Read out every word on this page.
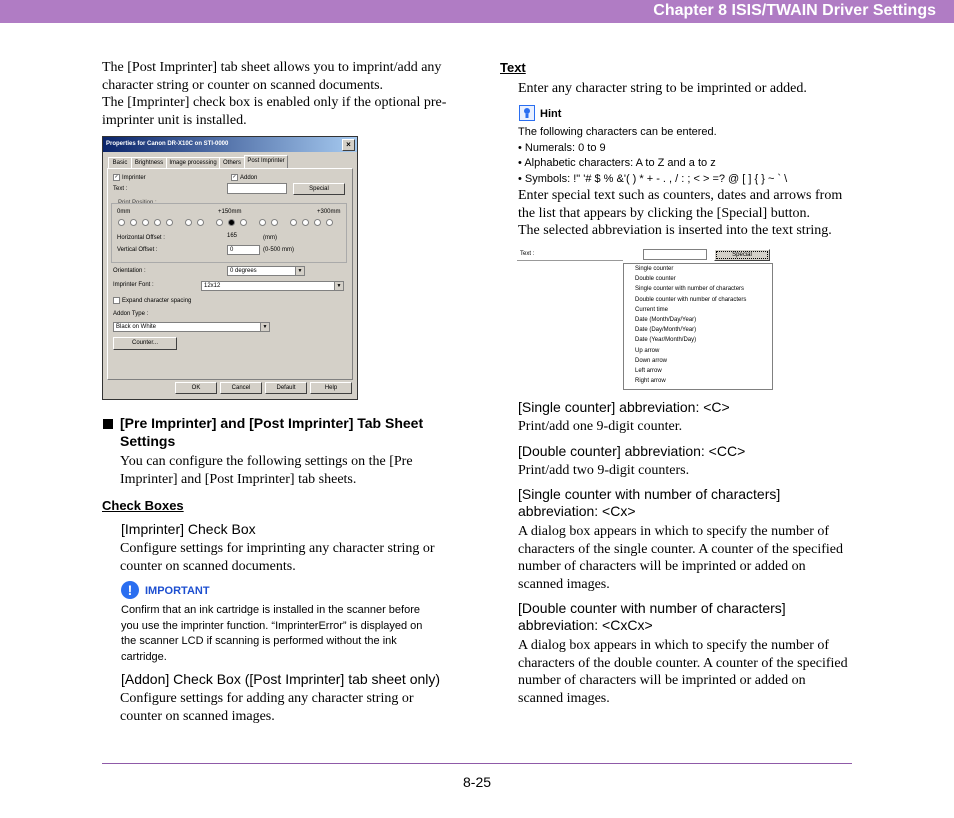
Chapter 8 ISIS/TWAIN Driver Settings
The [Post Imprinter] tab sheet allows you to imprint/add any
character string or counter on scanned documents.
The [Imprinter] check box is enabled only if the optional pre-
imprinter unit is installed.
Properties for Canon DR-X10C on STI-0000	×
Basic	Brightness	Image processing	Others	Post Imprinter
✓ Imprinter	✓ Addon
Text :	Special
Print Position :
0mm	+150mm	+300mm
Horizontal Offset :	165	(mm)
Vertical Offset :	0	(0-500 mm)
Orientation :	0 degrees	▼
Imprinter Font :	12x12	▼
Expand character spacing
Addon Type :
Black on White	▼
Counter...
OK	Cancel	Default	Help
[Pre Imprinter] and [Post Imprinter] Tab Sheet
Settings
You can configure the following settings on the [Pre
Imprinter] and [Post Imprinter] tab sheets.
Check Boxes
[Imprinter] Check Box
Configure settings for imprinting any character string or
counter on scanned documents.
!	IMPORTANT
Confirm that an ink cartridge is installed in the scanner before
you use the imprinter function. “ImprinterError” is displayed on
the scanner LCD if scanning is performed without the ink
cartridge.
[Addon] Check Box ([Post Imprinter] tab sheet only)
Configure settings for adding any character string or
counter on scanned images.
Text
Enter any character string to be imprinted or added.
Hint
The following characters can be entered.
• Numerals: 0 to 9
• Alphabetic characters: A to Z and a to z
• Symbols: !" '# $ % &'( ) * + - . , / : ; < > =? @ [ ] { } ~ ` \
Enter special text such as counters, dates and arrows from
the list that appears by clicking the [Special] button.
The selected abbreviation is inserted into the text string.
Text :	Special
Single counter
Double counter
Single counter with number of characters
Double counter with number of characters
Current time
Date (Month/Day/Year)
Date (Day/Month/Year)
Date (Year/Month/Day)
Up arrow
Down arrow
Left arrow
Right arrow
[Single counter] abbreviation: <C>
Print/add one 9-digit counter.
[Double counter] abbreviation: <CC>
Print/add two 9-digit counters.
[Single counter with number of characters]
abbreviation: <Cx>
A dialog box appears in which to specify the number of
characters of the single counter. A counter of the specified
number of characters will be imprinted or added on
scanned images.
[Double counter with number of characters]
abbreviation: <CxCx>
A dialog box appears in which to specify the number of
characters of the double counter. A counter of the specified
number of characters will be imprinted or added on
scanned images.
8-25
